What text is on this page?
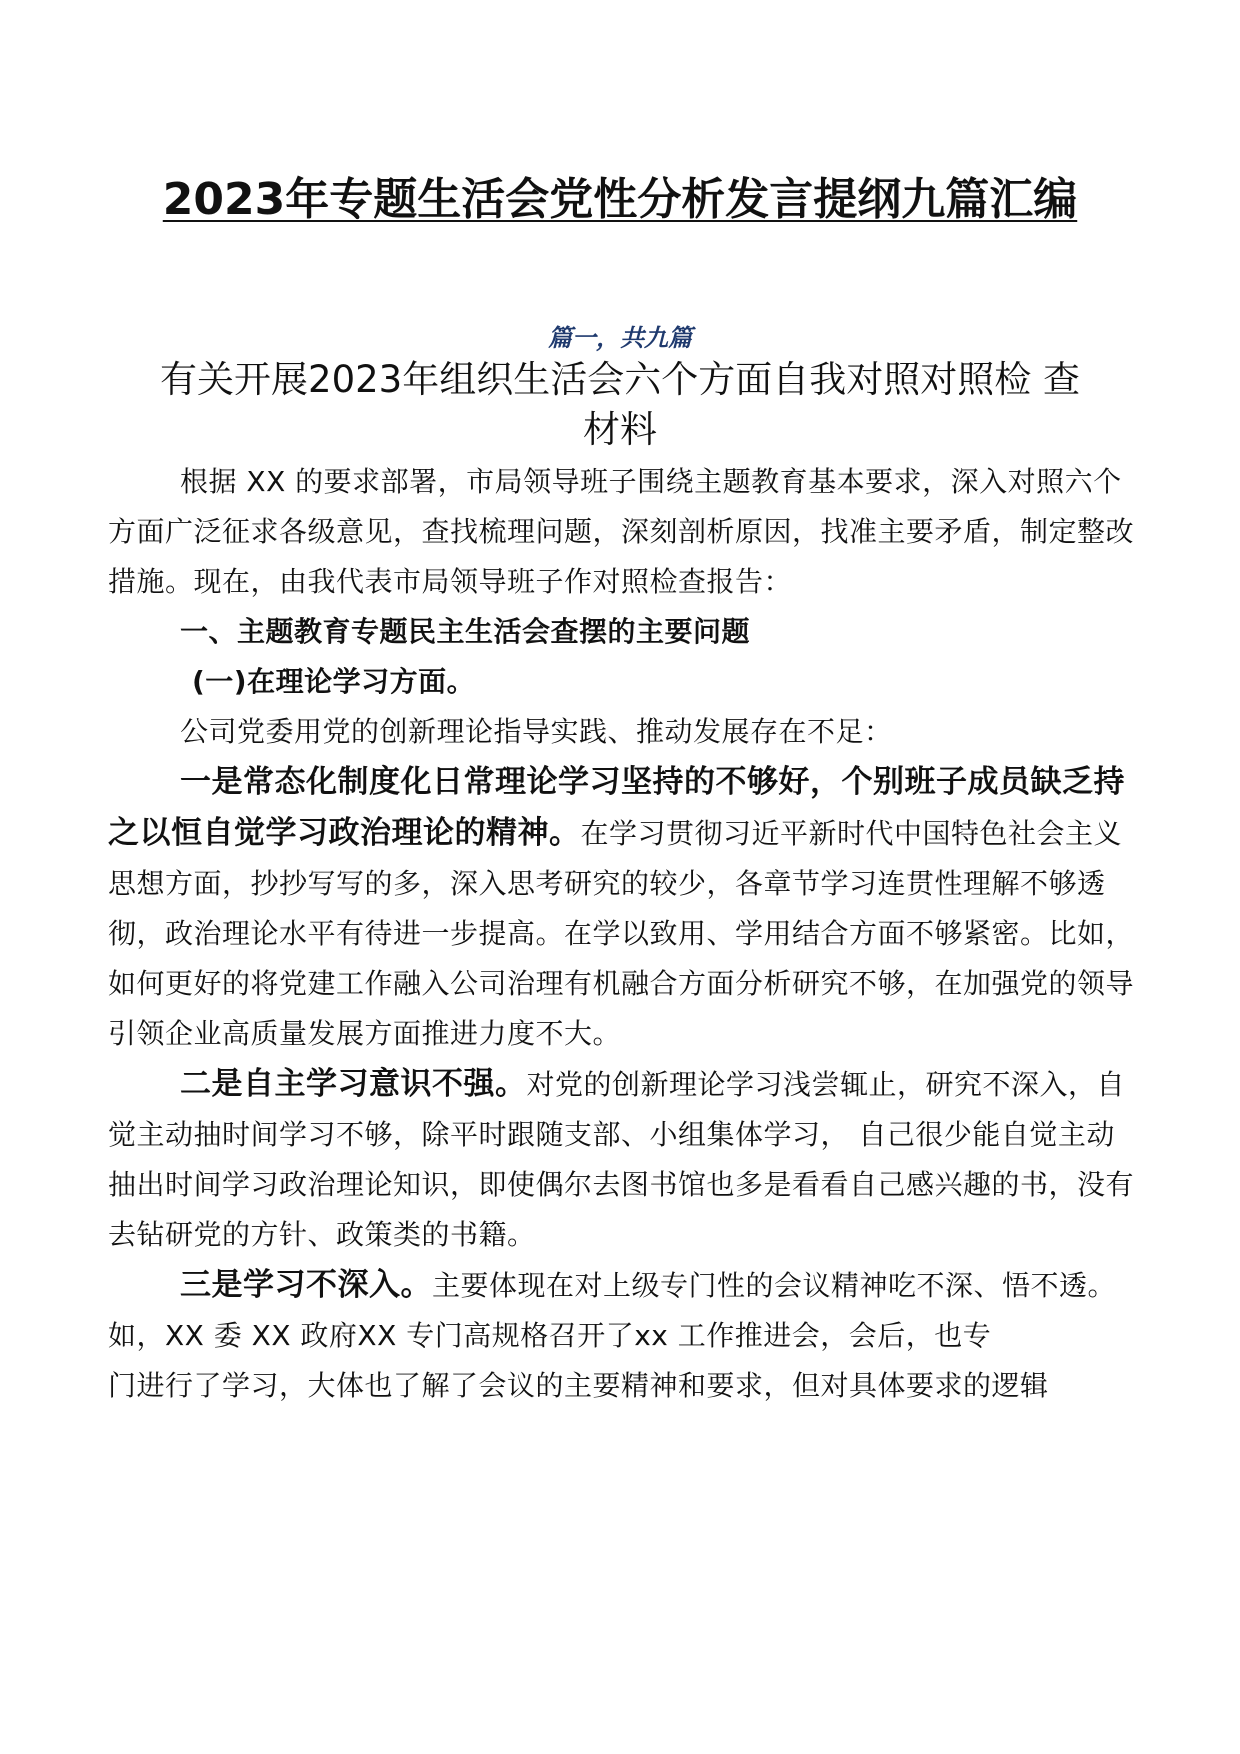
2023年专题生活会党性分析发言提纲九篇汇编
篇一，共九篇
有关开展2023年组织生活会六个方面自我对照对照检 查材料

根据 XX 的要求部署，市局领导班子围绕主题教育基本要求，深入对照六个方面广泛征求各级意见，查找梳理问题，深刻剖析原因，找准主要矛盾，制定整改措施。现在，由我代表市局领导班子作对照检查报告：

一、主题教育专题民主生活会查摆的主要问题

(一)在理论学习方面。

公司党委用党的创新理论指导实践、推动发展存在不足：

一是常态化制度化日常理论学习坚持的不够好，个别班子成员缺乏持之以恒自觉学习政治理论的精神。在学习贯彻习近平新时代中国特色社会主义思想方面，抄抄写写的多，深入思考研究的较少，各章节学习连贯性理解不够透彻，政治理论水平有待进一步提高。在学以致用、学用结合方面不够紧密。比如，如何更好的将党建工作融入公司治理有机融合方面分析研究不够，在加强党的领导引领企业高质量发展方面推进力度不大。

二是自主学习意识不强。对党的创新理论学习浅尝辄止，研究不深入，自觉主动抽时间学习不够，除平时跟随支部、小组集体学习， 自己很少能自觉主动抽出时间学习政治理论知识，即使偶尔去图书馆也多是看看自己感兴趣的书，没有去钻研党的方针、政策类的书籍。

三是学习不深入。主要体现在对上级专门性的会议精神吃不深、悟不透。如，XX 委 XX 政府XX 专门高规格召开了xx 工作推进会，会后，也专

门进行了学习，大体也了解了会议的主要精神和要求，但对具体要求的逻辑
